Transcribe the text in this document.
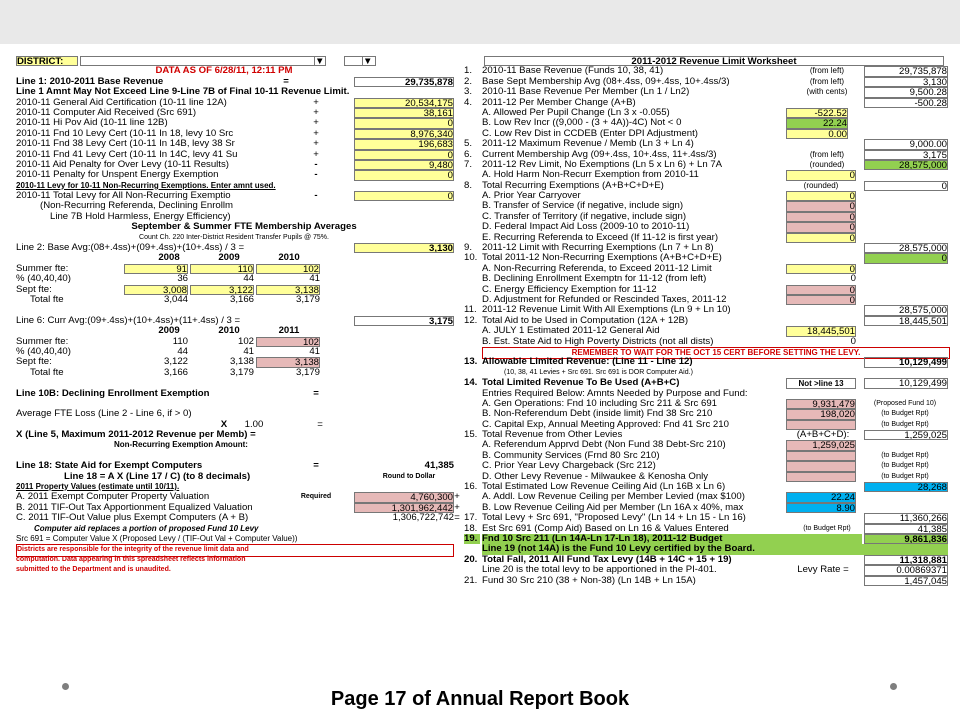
DISTRICT:	▼	▼
DATA AS OF 6/28/11, 12:11 PM
Line 1: 2010-2011 Base Revenue	=	29,735,878
Line 1 Amnt May Not Exceed Line 9-Line 7B of Final 10-11 Revenue Limit.
2010-11 General Aid Certification (10-11 line 12A)	+	20,534,175
2010-11 Computer Aid Received (Src 691)	+	38,161
2010-11 Hi Pov Aid (10-11 line 12B)	+	0
2010-11 Fnd 10 Levy Cert (10-11 In 18, levy 10 Src	+	8,976,340
2010-11 Fnd 38 Levy Cert (10-11 In 14B, levy 38 Sr	+	196,683
2010-11 Fnd 41 Levy Cert (10-11 In 14C, levy 41 Su	+	0
2010-11 Aid Penalty for Over Levy (10-11 Results)	-	9,480
2010-11 Penalty for Unspent Energy Exemption	-	0
2010-11 Levy for 10-11 Non-Recurring Exemptions. Enter amnt used.
2010-11 Total Levy for All Non-Recurring Exemptio	-	0
(Non-Recurring Referenda, Declining Enrollm
Line 7B Hold Harmless, Energy Efficiency)
September & Summer FTE Membership Averages
Count Ch. 220 Inter-District Resident Transfer Pupils @ 75%.
Line 2: Base Avg:(08+.4ss)+(09+.4ss)+(10+.4ss) / 3 =	3,130
2008	2009	2010
Summer fte:	91	110	102
% (40,40,40)	36	44	41
Sept fte:	3,008	3,122	3,138
Total fte	3,044	3,166	3,179
Line 6: Curr Avg:(09+.4ss)+(10+.4ss)+(11+.4ss) / 3 =	3,175
2009	2010	2011
Summer fte:	110	102	102
% (40,40,40)	44	41	41
Sept fte:	3,122	3,138	3,138
Total fte	3,166	3,179	3,179
Line 10B: Declining Enrollment Exemption	=
Average FTE Loss (Line 2 - Line 6, if > 0)
X	1.00	=
X (Line 5, Maximum 2011-2012 Revenue per Memb) =
Non-Recurring Exemption Amount:
Line 18: State Aid for Exempt Computers	=	41,385
Line 18 = A X (Line 17 / C) (to 8 decimals)	Round to Dollar
2011 Property Values (estimate until 10/11).
A. 2011 Exempt Computer Property Valuation	Required	4,760,300 +
B. 2011 TIF-Out Tax Apportionment Equalized Valuation	1,301,962,442 +
C. 2011 TIF-Out Value plus Exempt Computers (A + B)	1,306,722,742 =
Computer aid replaces a portion of proposed Fund 10 Levy
Src 691 = Computer Value X (Proposed Levy / (TIF-Out Val + Computer Value))
Districts are responsible for the integrity of the revenue limit data and
computation. Data appearing in this spreadsheet reflects information
submitted to the Department and is unaudited.
2011-2012 Revenue Limit Worksheet
1.	2010-11 Base Revenue (Funds 10, 38, 41)	(from left)	29,735,878
2.	Base Sept Membership Avg (08+.4ss, 09+.4ss, 10+.4ss/3)	(from left)	3,130
3.	2010-11 Base Revenue Per Member (Ln 1 / Ln2)	(with cents)	9,500.28
4.	2011-12 Per Member Change (A+B)	-500.28
A. Allowed Per Pupil Change (Ln 3 x -0.055)	-522.52
B. Low Rev Incr ((9,000 - (3 + 4A))-4C) Not < 0	22.24
C. Low Rev Dist in CCDEB (Enter DPI Adjustment)	0.00
5.	2011-12 Maximum Revenue / Memb (Ln 3 + Ln 4)	9,000.00
6.	Current Membership Avg (09+.4ss, 10+.4ss, 11+.4ss/3)	(from left)	3,175
7.	2011-12 Rev Limit, No Exemptions (Ln 5 x Ln 6) + Ln 7A	(rounded)	28,575,000
A. Hold Harm Non-Recurr Exemption from 2010-11	0
8.	Total Recurring Exemptions (A+B+C+D+E)	(rounded)	0
A. Prior Year Carryover	0
B. Transfer of Service (if negative, include sign)	0
C. Transfer of Territory (if negative, include sign)	0
D. Federal Impact Aid Loss (2009-10 to 2010-11)	0
E. Recurring Referenda to Exceed (If 11-12 is first year)	0
9.	2011-12 Limit with Recurring Exemptions (Ln 7 + Ln 8)	28,575,000
10. Total 2011-12 Non-Recurring Exemptions (A+B+C+D+E)	0
A. Non-Recurring Referenda, to Exceed 2011-12 Limit	0
B. Declining Enrollment Exemptn for 11-12 (from left)	0
C. Energy Efficiency Exemption for 11-12	0
D. Adjustment for Refunded or Rescinded Taxes, 2011-12	0
11. 2011-12 Revenue Limit With All Exemptions (Ln 9 + Ln 10)	28,575,000
12. Total Aid to be Used in Computation (12A + 12B)	18,445,501
A. JULY 1 Estimated 2011-12 General Aid	18,445,501
B. Est. State Aid to High Poverty Districts (not all dists)	0
REMEMBER TO WAIT FOR THE OCT 15 CERT BEFORE SETTING THE LEVY.
13. Allowable Limited Revenue: (Line 11 - Line 12)	10,129,499
(10, 38, 41 Levies + Src 691. Src 691 is DOR Computer Aid.)
14. Total Limited Revenue To Be Used (A+B+C)	Not >line 13	10,129,499
Entries Required Below: Amnts Needed by Purpose and Fund:
A. Gen Operations: Fnd 10 including Src 211 & Src 691	9,931,479	(Proposed Fund 10)
B. Non-Referendum Debt (inside limit) Fnd 38 Src 210	198,020	(to Budget Rpt)
C. Capital Exp, Annual Meeting Approved: Fnd 41 Src 210	(to Budget Rpt)
15. Total Revenue from Other Levies	(A+B+C+D):	1,259,025
A. Referendum Apprvd Debt (Non Fund 38 Debt-Src 210)	1,259,025
B. Community Services (Frnd 80 Src 210)	(to Budget Rpt)
C. Prior Year Levy Chargeback (Src 212)	(to Budget Rpt)
D. Other Levy Revenue - Milwaukee & Kenosha Only	(to Budget Rpt)
16. Total Estimated Low Revenue Ceiling Aid (Ln 16B x Ln 6)	28,268
A. Addl. Low Revenue Ceiling per Member Levied (max $100)	22.24
B. Low Revenue Ceiling Aid per Member (Ln 16A x 40%, max	8.90
17. Total Levy + Src 691, "Proposed Levy" (Ln 14 + Ln 15 - Ln 16)	11,360,266
18. Est Src 691 (Comp Aid) Based on Ln 16 & Values Entered	(to Budget Rpt)	41,385
19. Fnd 10 Src 211 (Ln 14A-Ln 17-Ln 18), 2011-12 Budget	9,861,836
Line 19 (not 14A) is the Fund 10 Levy certified by the Board.
20. Total Fall, 2011 All Fund Tax Levy (14B + 14C + 15 + 19)	11,318,881
Line 20 is the total levy to be apportioned in the PI-401.	Levy Rate =	0.00869371
21. Fund 30 Src 210 (38 + Non-38) (Ln 14B + Ln 15A)	1,457,045
Page 17 of Annual Report Book
